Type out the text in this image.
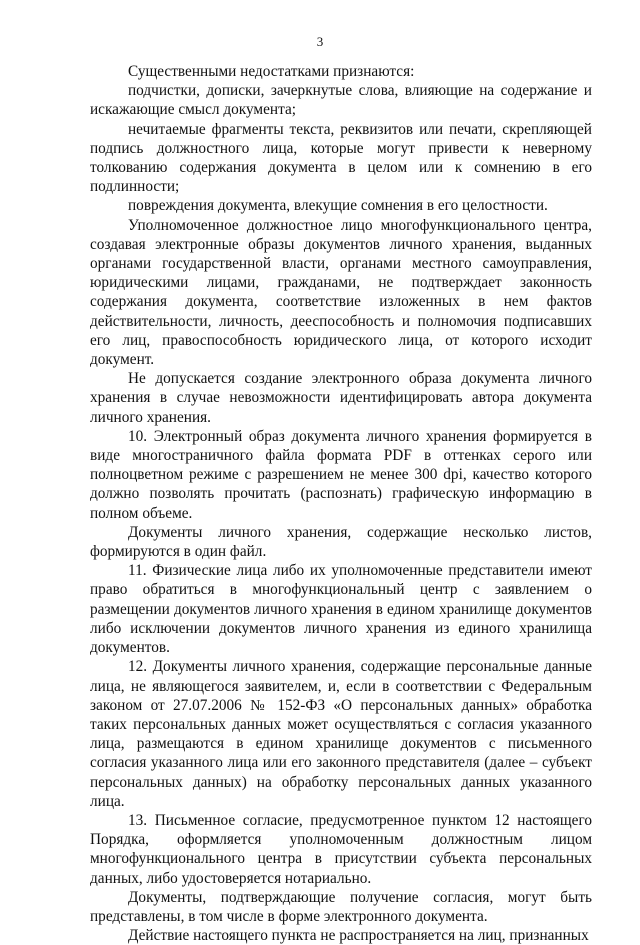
3

Существенными недостатками признаются:

подчистки, дописки, зачеркнутые слова, влияющие на содержание и искажающие смысл документа;

нечитаемые фрагменты текста, реквизитов или печати, скрепляющей подпись должностного лица, которые могут привести к неверному толкованию содержания документа в целом или к сомнению в его подлинности;

повреждения документа, влекущие сомнения в его целостности.

Уполномоченное должностное лицо многофункционального центра, создавая электронные образы документов личного хранения, выданных органами государственной власти, органами местного самоуправления, юридическими лицами, гражданами, не подтверждает законность содержания документа, соответствие изложенных в нем фактов действительности, личность, дееспособность и полномочия подписавших его лиц, правоспособность юридического лица, от которого исходит документ.

Не допускается создание электронного образа документа личного хранения в случае невозможности идентифицировать автора документа личного хранения.

10. Электронный образ документа личного хранения формируется в виде многостраничного файла формата PDF в оттенках серого или полноцветном режиме с разрешением не менее 300 dpi, качество которого должно позволять прочитать (распознать) графическую информацию в полном объеме.

Документы личного хранения, содержащие несколько листов, формируются в один файл.

11. Физические лица либо их уполномоченные представители имеют право обратиться в многофункциональный центр с заявлением о размещении документов личного хранения в едином хранилище документов либо исключении документов личного хранения из единого хранилища документов.

12. Документы личного хранения, содержащие персональные данные лица, не являющегося заявителем, и, если в соответствии с Федеральным законом от 27.07.2006 № 152-ФЗ «О персональных данных» обработка таких персональных данных может осуществляться с согласия указанного лица, размещаются в едином хранилище документов с письменного согласия указанного лица или его законного представителя (далее – субъект персональных данных) на обработку персональных данных указанного лица.

13. Письменное согласие, предусмотренное пунктом 12 настоящего Порядка, оформляется уполномоченным должностным лицом многофункционального центра в присутствии субъекта персональных данных, либо удостоверяется нотариально.

Документы, подтверждающие получение согласия, могут быть представлены, в том числе в форме электронного документа.

Действие настоящего пункта не распространяется на лиц, признанных
